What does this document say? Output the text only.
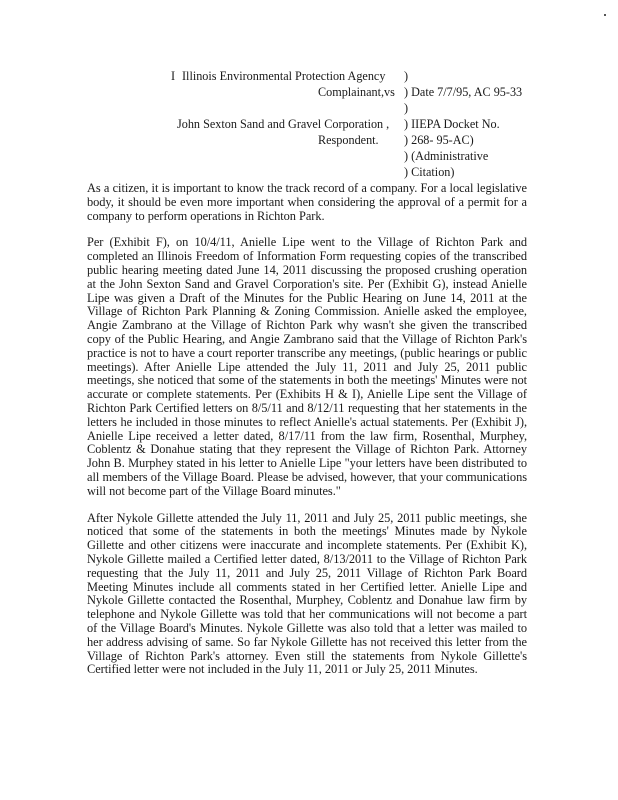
I Illinois Environmental Protection Agency )
Complainant, vs ) Date 7/7/95, AC 95-33
)
John Sexton Sand and Gravel Corporation , ) IIEPA Docket No.
Respondent. ) 268- 95-AC)
) (Administrative
) Citation)

As a citizen, it is important to know the track record of a company. For a local legislative body, it should be even more important when considering the approval of a permit for a company to perform operations in Richton Park.

Per (Exhibit F), on 10/4/11, Anielle Lipe went to the Village of Richton Park and completed an Illinois Freedom of Information Form requesting copies of the transcribed public hearing meeting dated June 14, 2011 discussing the proposed crushing operation at the John Sexton Sand and Gravel Corporation's site. Per (Exhibit G), instead Anielle Lipe was given a Draft of the Minutes for the Public Hearing on June 14, 2011 at the Village of Richton Park Planning & Zoning Commission. Anielle asked the employee, Angie Zambrano at the Village of Richton Park why wasn't she given the transcribed copy of the Public Hearing, and Angie Zambrano said that the Village of Richton Park's practice is not to have a court reporter transcribe any meetings, (public hearings or public meetings). After Anielle Lipe attended the July 11, 2011 and July 25, 2011 public meetings, she noticed that some of the statements in both the meetings' Minutes were not accurate or complete statements. Per (Exhibits H & I), Anielle Lipe sent the Village of Richton Park Certified letters on 8/5/11 and 8/12/11 requesting that her statements in the letters he included in those minutes to reflect Anielle's actual statements. Per (Exhibit J), Anielle Lipe received a letter dated, 8/17/11 from the law firm, Rosenthal, Murphey, Coblentz & Donahue stating that they represent the Village of Richton Park. Attorney John B. Murphey stated in his letter to Anielle Lipe "your letters have been distributed to all members of the Village Board. Please be advised, however, that your communications will not become part of the Village Board minutes."

After Nykole Gillette attended the July 11, 2011 and July 25, 2011 public meetings, she noticed that some of the statements in both the meetings' Minutes made by Nykole Gillette and other citizens were inaccurate and incomplete statements. Per (Exhibit K), Nykole Gillette mailed a Certified letter dated, 8/13/2011 to the Village of Richton Park requesting that the July 11, 2011 and July 25, 2011 Village of Richton Park Board Meeting Minutes include all comments stated in her Certified letter. Anielle Lipe and Nykole Gillette contacted the Rosenthal, Murphey, Coblentz and Donahue law firm by telephone and Nykole Gillette was told that her communications will not become a part of the Village Board's Minutes. Nykole Gillette was also told that a letter was mailed to her address advising of same. So far Nykole Gillette has not received this letter from the Village of Richton Park's attorney. Even still the statements from Nykole Gillette's Certified letter were not included in the July 11, 2011 or July 25, 2011 Minutes.
